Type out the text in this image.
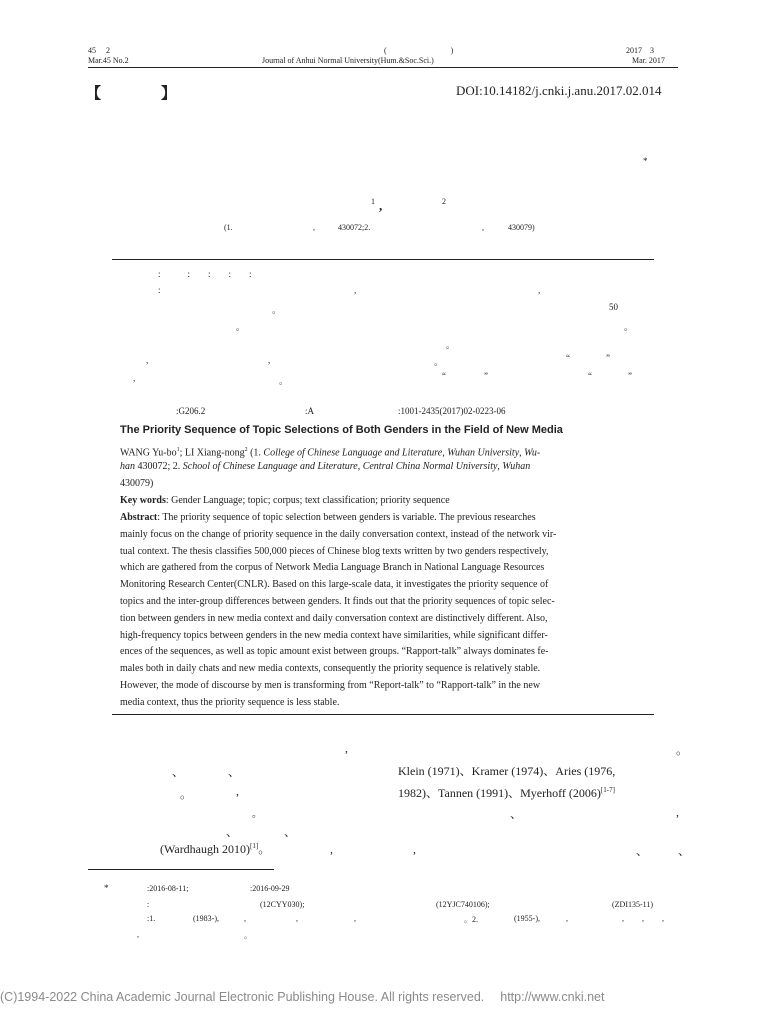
45　 2
Mar.45 No.2
(　　　　　　　　)
Journal of Anhui Normal University(Hum.&Soc.Sci.)
2017　3
Mar. 2017
【　　　　】	DOI:10.14182/j.cnki.j.anu.2017.02.014
*
1 ,	2
(1.	,	430072;2.	,	430079)
:　　　:　　:　　:　　:
:	,	,
。	50
。	。
。
,	,	。	“	”
,	。	“	”	“	”
:G206.2	:A	:1001-2435(2017)02-0223-06
The Priority Sequence of Topic Selections of Both Genders in the Field of New Media
WANG $Yu-bo^1$; LI Xiang-nong$^2$ (1. College of Chinese Language and Literature, Wuhan University, Wu-
han 430072; 2. School of Chinese Language and Literature, Central China Normal University, Wuhan
430079)
Key words: Gender Language; topic; corpus; text classification; priority sequence
Abstract: The priority sequence of topic selection between genders is variable. The previous researches
mainly focus on the change of priority sequence in the daily conversation context, instead of the network vir-
tual context. The thesis classifies 500,000 pieces of Chinese blog texts written by two genders respectively,
which are gathered from the corpus of Network Media Language Branch in National Language Resources
Monitoring Research Center(CNLR). Based on this large-scale data, it investigates the priority sequence of
topics and the inter-group differences between genders. It finds out that the priority sequences of topic selec-
tion between genders in new media context and daily conversation context are distinctively different. Also,
high-frequency topics between genders in the new media context have similarities, while significant differ-
ences of the sequences, as well as topic amount exist between groups. “Rapport-talk” always dominates fe-
males both in daily chats and new media contexts, consequently the priority sequence is relatively stable.
However, the mode of discourse by men is transforming from “Report-talk” to “Rapport-talk” in the new
media context, thus the priority sequence is less stable.
,	。
、	、	Klein (1971)、Kramer (1974)、Aries (1976,
。	,	1982)、Tannen (1991)、Myerhoff (2006)[1-7]
。	、	,
、	、
(Wardhaugh 2010)[1]。	,	,	、 、
*	:2016-08-11;	:2016-09-29
:	(12CYY030);	(12YJC740106);	(ZDI135-11)
:1.	(1983-),	,	,	,	。2.	(1955-),	,	, , ,
,	。
(C)1994-2022 China Academic Journal Electronic Publishing House. All rights reserved.　 http://www.cnki.net
